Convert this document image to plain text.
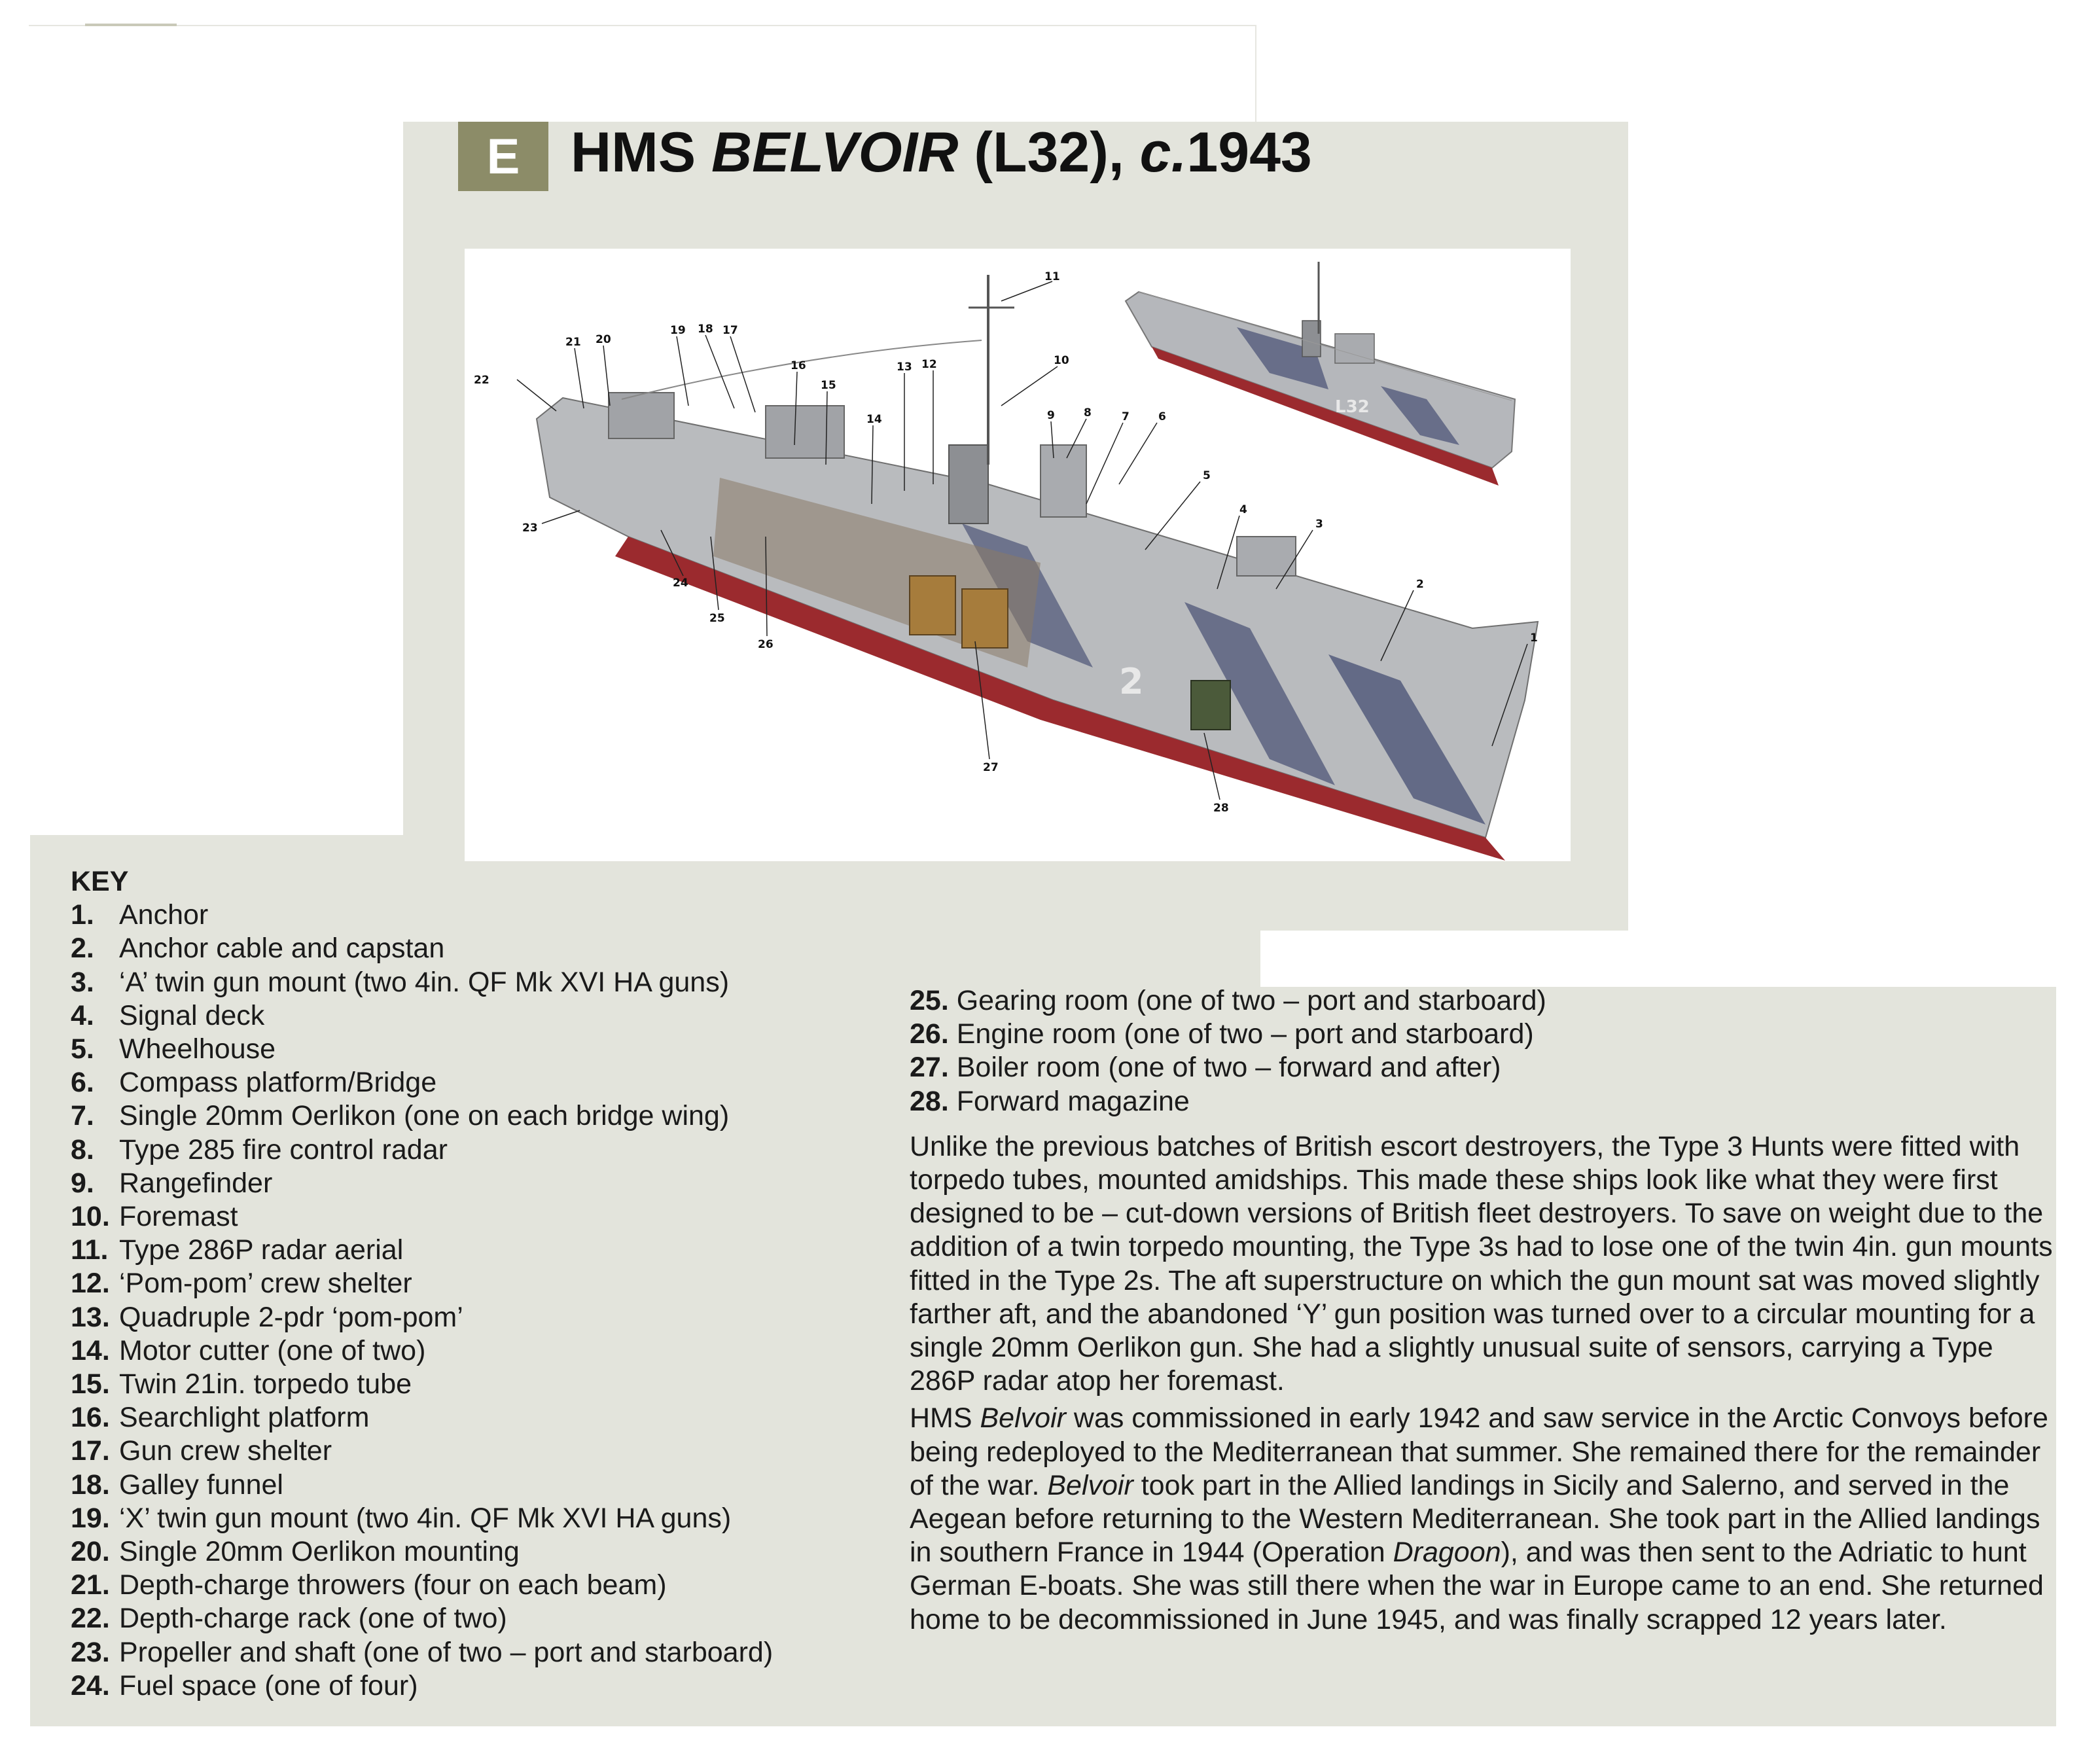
E HMS BELVOIR (L32), c.1943
L32
2
1
2
3
4
5
6
7
8
9
10
11
12
13
14
15
16
17
18
19
20
21
22
23
24
25
26
27
28
KEY
1. Anchor
2. Anchor cable and capstan
3. ‘A’ twin gun mount (two 4in. QF Mk XVI HA guns)
4. Signal deck
5. Wheelhouse
6. Compass platform/Bridge
7. Single 20mm Oerlikon (one on each bridge wing)
8. Type 285 fire control radar
9. Rangefinder
10. Foremast
11. Type 286P radar aerial
12. ‘Pom-pom’ crew shelter
13. Quadruple 2-pdr ‘pom-pom’
14. Motor cutter (one of two)
15. Twin 21in. torpedo tube
16. Searchlight platform
17. Gun crew shelter
18. Galley funnel
19. ‘X’ twin gun mount (two 4in. QF Mk XVI HA guns)
20. Single 20mm Oerlikon mounting
21. Depth-charge throwers (four on each beam)
22. Depth-charge rack (one of two)
23. Propeller and shaft (one of two – port and starboard)
24. Fuel space (one of four)
25. Gearing room (one of two – port and starboard)
26. Engine room (one of two – port and starboard)
27. Boiler room (one of two – forward and after)
28. Forward magazine
Unlike the previous batches of British escort destroyers, the Type 3 Hunts were fitted with torpedo tubes, mounted amidships. This made these ships look like what they were first designed to be – cut-down versions of British fleet destroyers. To save on weight due to the addition of a twin torpedo mounting, the Type 3s had to lose one of the twin 4in. gun mounts fitted in the Type 2s. The aft superstructure on which the gun mount sat was moved slightly farther aft, and the abandoned ‘Y’ gun position was turned over to a circular mounting for a single 20mm Oerlikon gun. She had a slightly unusual suite of sensors, carrying a Type 286P radar atop her foremast.
HMS Belvoir was commissioned in early 1942 and saw service in the Arctic Convoys before being redeployed to the Mediterranean that summer. She remained there for the remainder of the war. Belvoir took part in the Allied landings in Sicily and Salerno, and served in the Aegean before returning to the Western Mediterranean. She took part in the Allied landings in southern France in 1944 (Operation Dragoon), and was then sent to the Adriatic to hunt German E-boats. She was still there when the war in Europe came to an end. She returned home to be decommissioned in June 1945, and was finally scrapped 12 years later.
